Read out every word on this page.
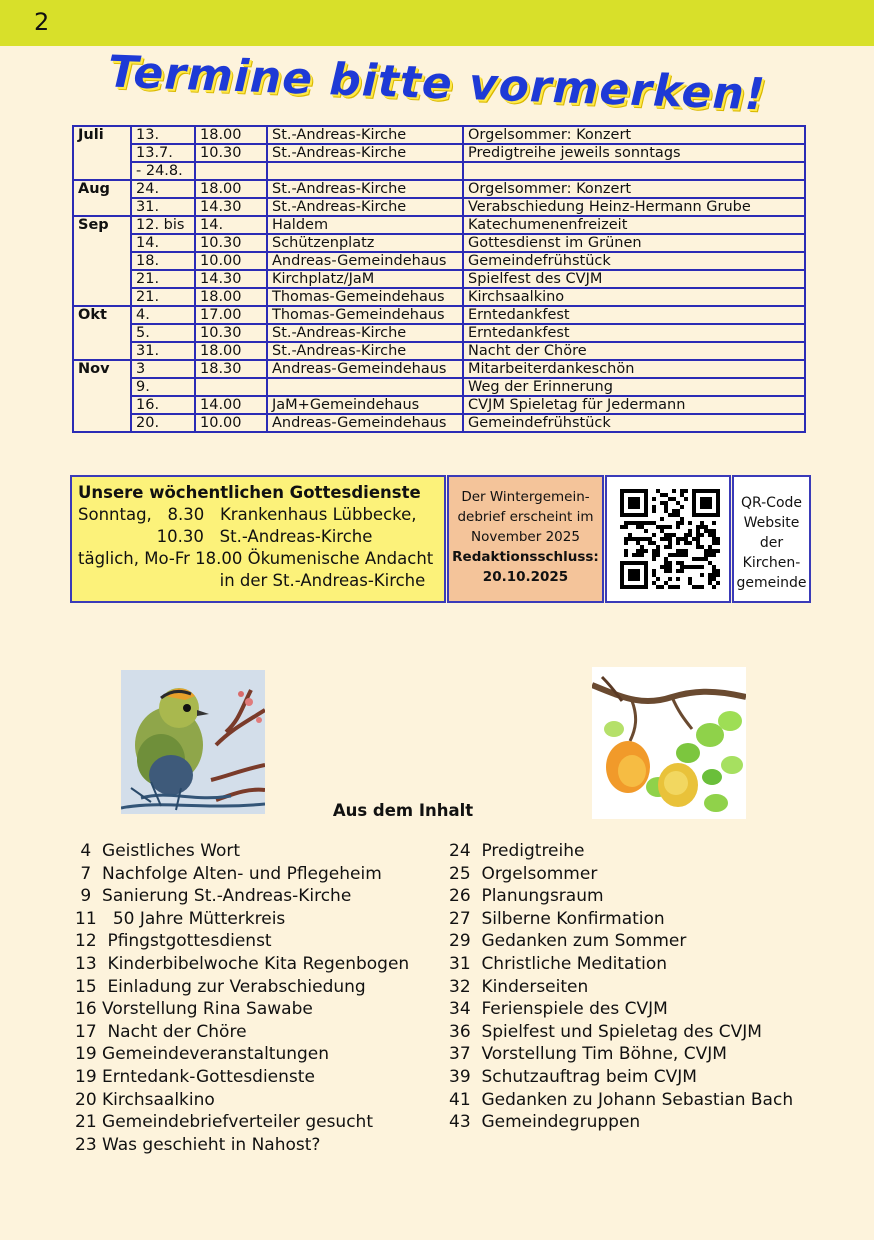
2
Termine bitte vormerken!
Juli	13.	18.00	St.-Andreas-Kirche	Orgelsommer: Konzert
	13.7.	10.30	St.-Andreas-Kirche	Predigtreihe jeweils sonntags
	- 24.8.			
Aug	24.	18.00	St.-Andreas-Kirche	Orgelsommer: Konzert
	31.	14.30	St.-Andreas-Kirche	Verabschiedung Heinz-Hermann Grube
Sep	12. bis	14.	Haldem	Katechumenenfreizeit
	14.	10.30	Schützenplatz	Gottesdienst im Grünen
	18.	10.00	Andreas-Gemeindehaus	Gemeindefrühstück
	21.	14.30	Kirchplatz/JaM	Spielfest des CVJM
	21.	18.00	Thomas-Gemeindehaus	Kirchsaalkino
Okt	4.	17.00	Thomas-Gemeindehaus	Erntedankfest
	5.	10.30	St.-Andreas-Kirche	Erntedankfest
	31.	18.00	St.-Andreas-Kirche	Nacht der Chöre
Nov	3	18.30	Andreas-Gemeindehaus	Mitarbeiterdankeschön
	9.			Weg der Erinnerung
	16.	14.00	JaM+Gemeindehaus	CVJM Spieletag für Jedermann
	20.	10.00	Andreas-Gemeindehaus	Gemeindefrühstück
Unsere wöchentlichen Gottesdienste
Sonntag,   8.30   Krankenhaus Lübbecke,
10.30   St.-Andreas-Kirche
täglich, Mo-Fr 18.00 Ökumenische Andacht
in der St.-Andreas-Kirche
Der Wintergemein-
debrief erscheint im
November 2025
Redaktionsschluss:
20.10.2025
QR-Code
Website
der
Kirchen-
gemeinde
Aus dem Inhalt
4  Geistliches Wort
7  Nachfolge Alten- und Pflegeheim
9  Sanierung St.-Andreas-Kirche
11   50 Jahre Mütterkreis
12  Pfingstgottesdienst
13  Kinderbibelwoche Kita Regenbogen
15  Einladung zur Verabschiedung
16 Vorstellung Rina Sawabe
17  Nacht der Chöre
19 Gemeindeveranstaltungen
19 Erntedank-Gottesdienste
20 Kirchsaalkino
21 Gemeindebriefverteiler gesucht
23 Was geschieht in Nahost?
24  Predigtreihe
25  Orgelsommer
26  Planungsraum
27  Silberne Konfirmation
29  Gedanken zum Sommer
31  Christliche Meditation
32  Kinderseiten
34  Ferienspiele des CVJM
36  Spielfest und Spieletag des CVJM
37  Vorstellung Tim Böhne, CVJM
39  Schutzauftrag beim CVJM
41  Gedanken zu Johann Sebastian Bach
43  Gemeindegruppen
